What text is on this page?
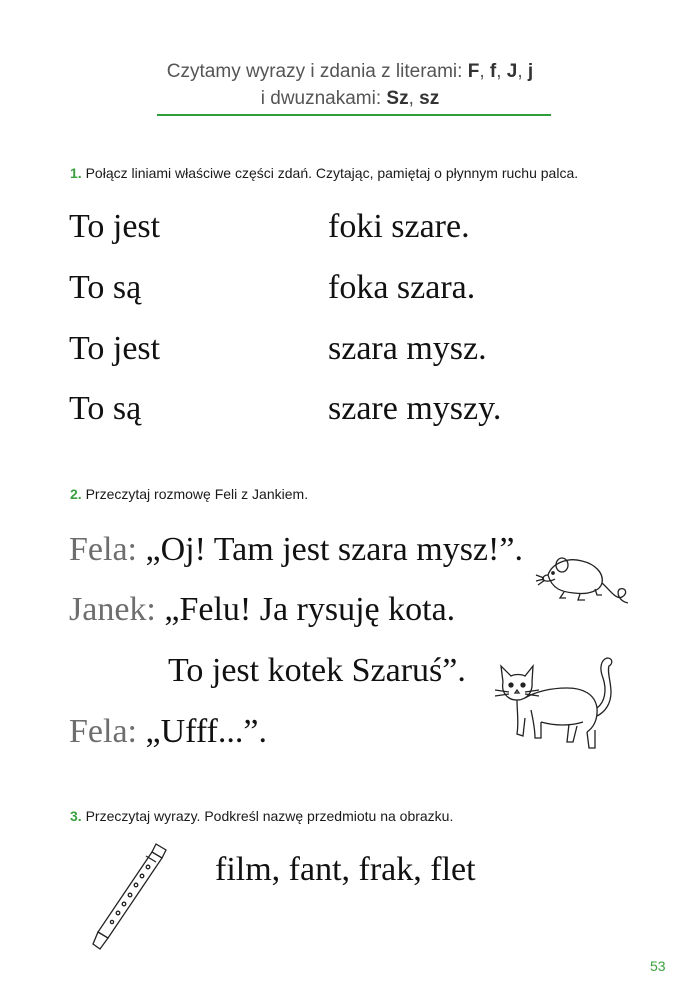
Czytamy wyrazy i zdania z literami: F, f, J, j
i dwuznakami: Sz, sz
1. Połącz liniami właściwe części zdań. Czytając, pamiętaj o płynnym ruchu palca.
To jest
To są
To jest
To są
foki szare.
foka szara.
szara mysz.
szare myszy.
2. Przeczytaj rozmowę Feli z Jankiem.
Fela: „Oj! Tam jest szara mysz!”.
Janek: „Felu! Ja rysuję kota.
To jest kotek Szaruś”.
Fela: „Ufff...”.
3. Przeczytaj wyrazy. Podkreśl nazwę przedmiotu na obrazku.
film, fant, frak, flet
53
